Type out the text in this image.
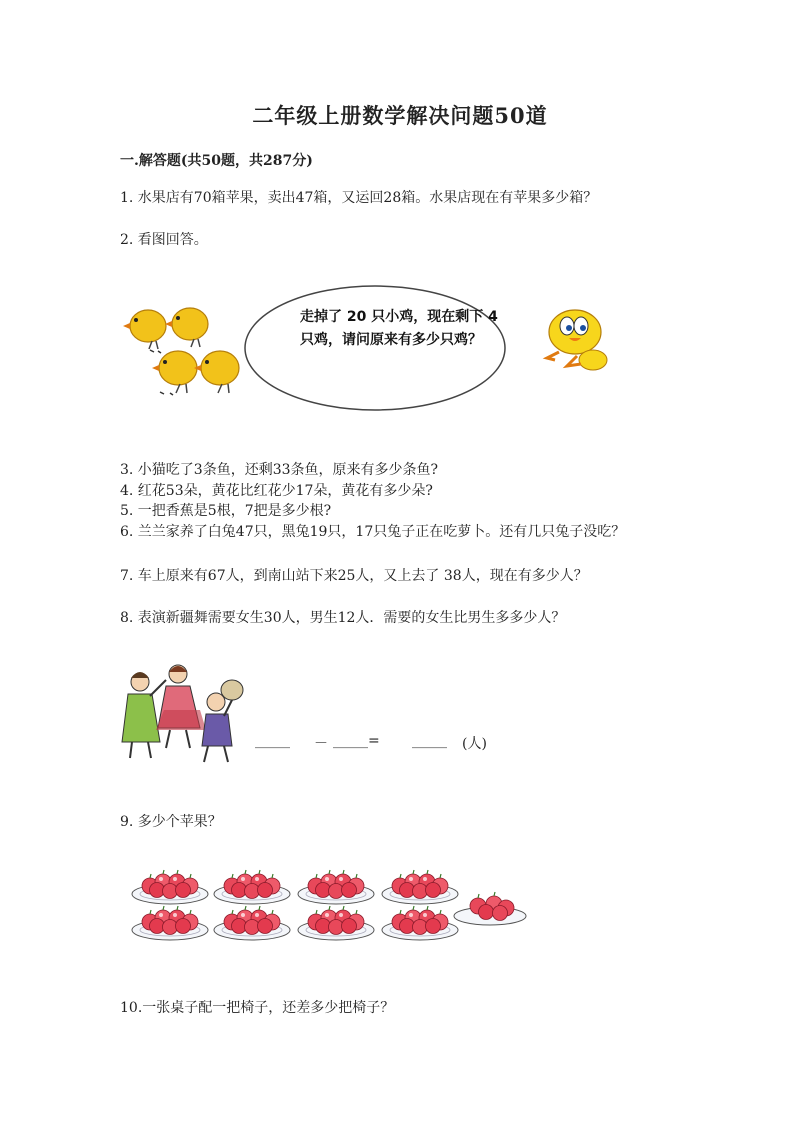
二年级上册数学解决问题50道
一.解答题(共50题，共287分)
1. 水果店有70箱苹果，卖出47箱，又运回28箱。水果店现在有苹果多少箱？
2. 看图回答。
走掉了 20 只小鸡，现在剩下 4 只鸡，请问原来有多少只鸡？
3. 小猫吃了3条鱼，还剩33条鱼，原来有多少条鱼?
4. 红花53朵，黄花比红花少17朵，黄花有多少朵?
5. 一把香蕉是5根，7把是多少根?
6. 兰兰家养了白兔47只，黑兔19只，17只兔子正在吃萝卜。还有几只兔子没吃？
7. 车上原来有67人，到南山站下来25人，又上去了 38人，现在有多少人？
8. 表演新疆舞需要女生30人，男生12人．需要的女生比男生多多少人？
_____ － _____= _____ (人)
9. 多少个苹果？
10.一张桌子配一把椅子，还差多少把椅子？
